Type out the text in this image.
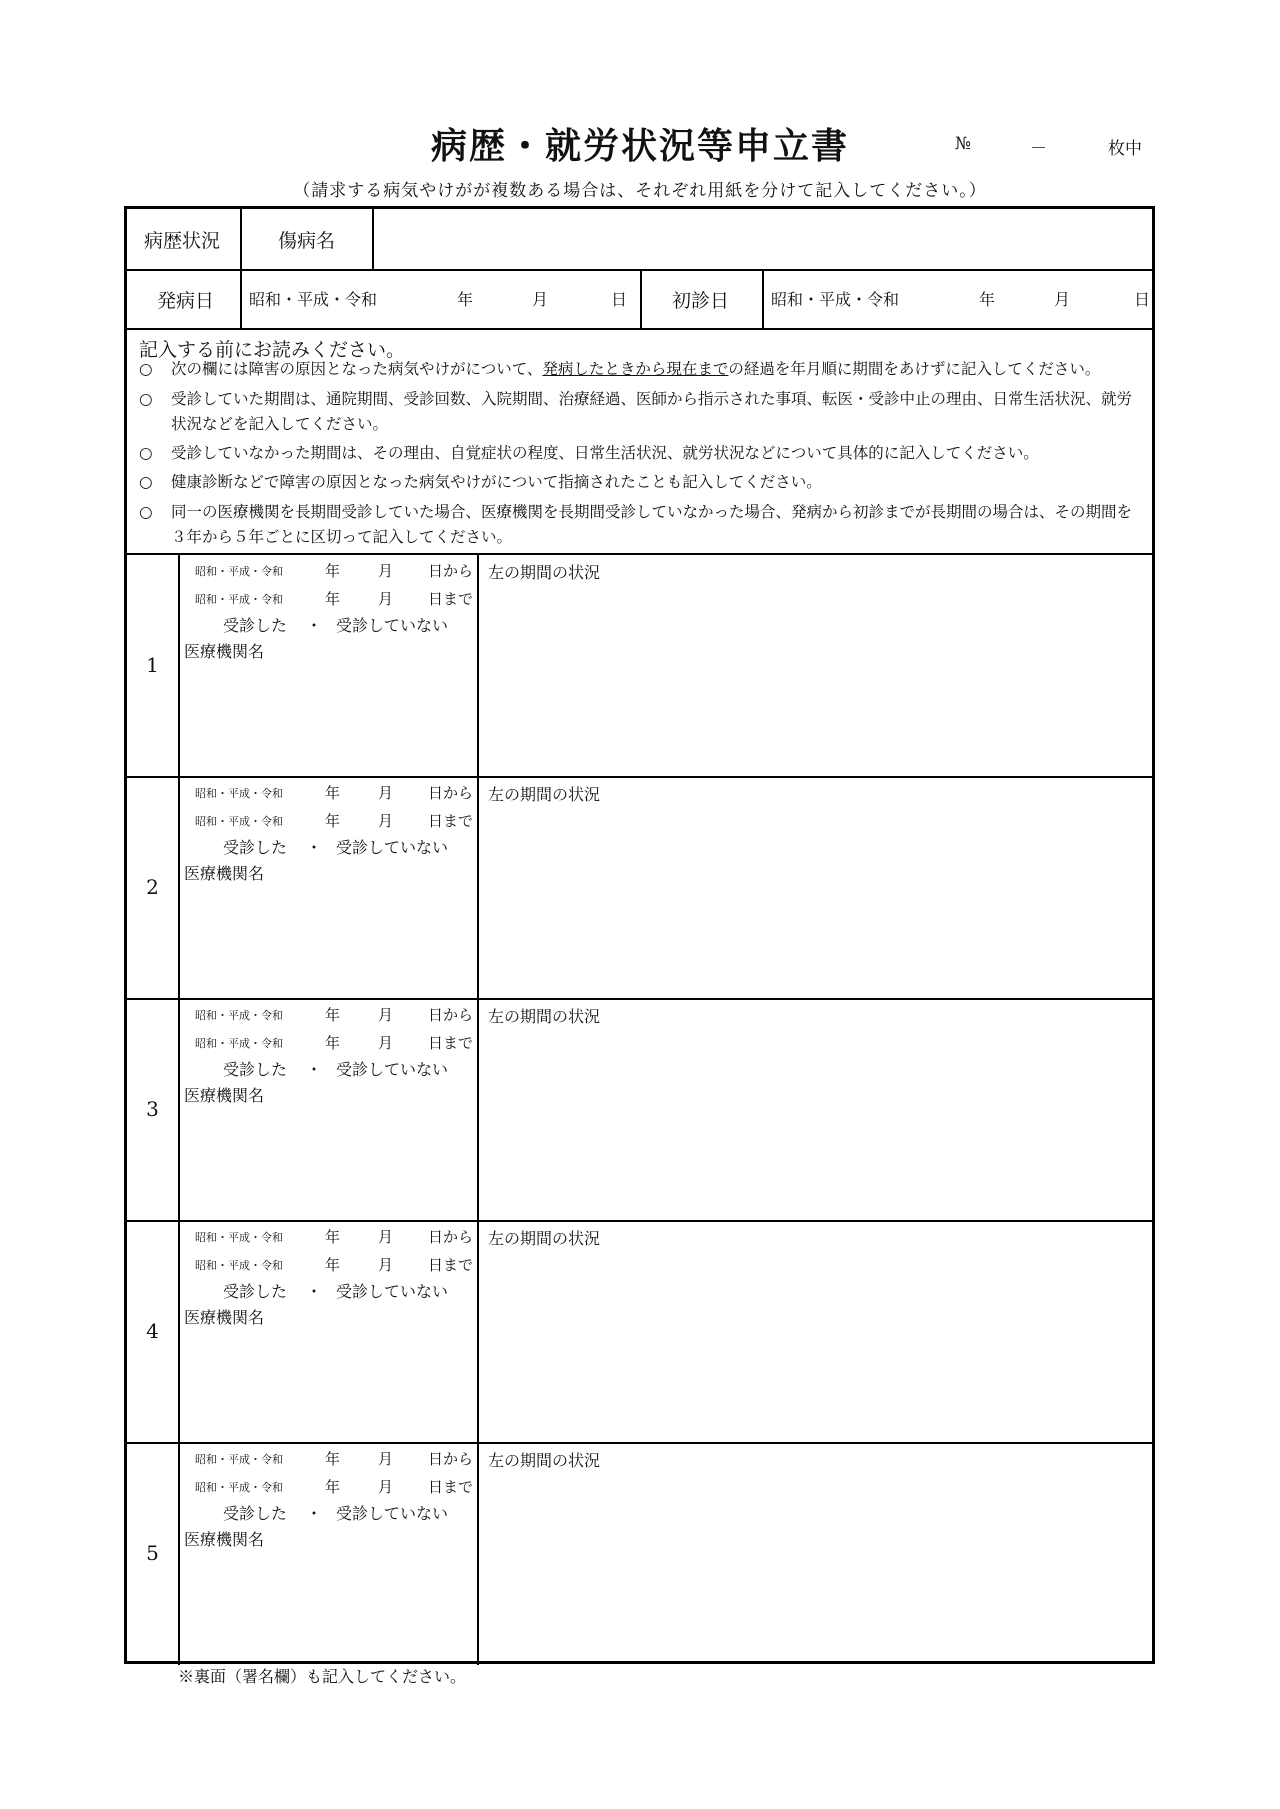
病歴・就労状況等申立書	№	－	枚中
（請求する病気やけがが複数ある場合は、それぞれ用紙を分けて記入してください。）
病歴状況	傷病名
発病日 昭和・平成・令和	年	月	日 初診日	昭和・平成・令和	年	月	日
記入する前にお読みください。
○ 次の欄には障害の原因となった病気やけがについて、発病したときから現在までの経過を年月順に期間をあけずに記入してください。
○ 受診していた期間は、通院期間、受診回数、入院期間、治療経過、医師から指示された事項、転医・受診中止の理由、日常生活状況、就労状況などを記入してください。
○ 受診していなかった期間は、その理由、自覚症状の程度、日常生活状況、就労状況などについて具体的に記入してください。
○ 健康診断などで障害の原因となった病気やけがについて指摘されたことも記入してください。
○ 同一の医療機関を長期間受診していた場合、医療機関を長期間受診していなかった場合、発病から初診までが長期間の場合は、その期間を３年から５年ごとに区切って記入してください。
1
昭和・平成・令和	年	月 日から
昭和・平成・令和	年	月 日まで
受診した ・ 受診していない
医療機関名
左の期間の状況
2
昭和・平成・令和	年	月 日から
昭和・平成・令和	年	月 日まで
受診した ・ 受診していない
医療機関名
左の期間の状況
3
昭和・平成・令和	年	月 日から
昭和・平成・令和	年	月 日まで
受診した ・ 受診していない
医療機関名
左の期間の状況
4
昭和・平成・令和	年	月 日から
昭和・平成・令和	年	月 日まで
受診した ・ 受診していない
医療機関名
左の期間の状況
5
昭和・平成・令和	年	月 日から
昭和・平成・令和	年	月 日まで
受診した ・ 受診していない
医療機関名
左の期間の状況
※裏面（署名欄）も記入してください。
